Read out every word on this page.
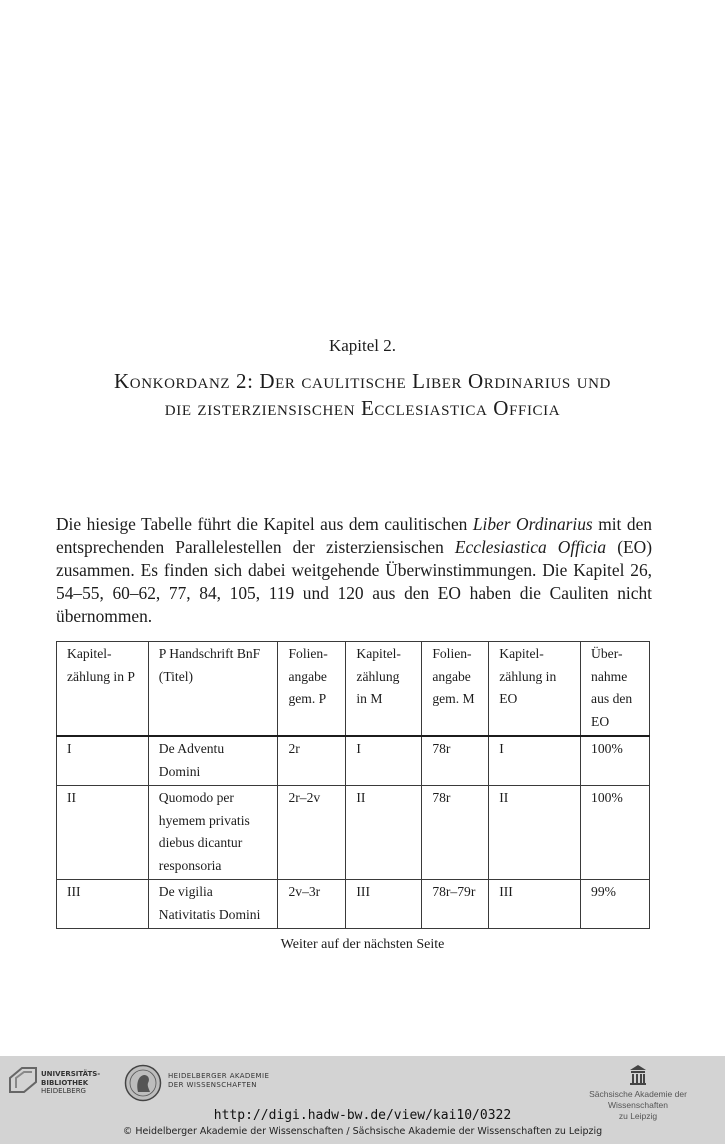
Kapitel 2.
Konkordanz 2: Der caulitische Liber Ordinarius und
die zisterziensischen Ecclesiastica Officia

Die hiesige Tabelle führt die Kapitel aus dem caulitischen Liber Ordinarius mit den entsprechenden Parallelestellen der zisterziensischen Ecclesiastica Officia (EO) zusammen. Es finden sich dabei weitgehende Überwinstimmungen. Die Kapitel 26, 54–55, 60–62, 77, 84, 105, 119 und 120 aus den EO haben die Cauliten nicht übernommen.

Kapitel-zählung in P	P Handschrift BnF (Titel)	Folien-angabe gem. P	Kapitel-zählung in M	Folien-angabe gem. M	Kapitel-zählung in EO	Über-nahme aus den EO
I	De Adventu Domini	2r	I	78r	I	100%
II	Quomodo per hyemem privatis diebus dicantur responsoria	2r–2v	II	78r	II	100%
III	De vigilia Nativitatis Domini	2v–3r	III	78r–79r	III	99%
Weiter auf der nächsten Seite
UNIVERSITÄTS-
BIBLIOTHEK
HEIDELBERG
HEIDELBERGER AKADEMIE
DER WISSENSCHAFTEN
Sächsische Akademie der Wissenschaften
zu Leipzig
http://digi.hadw-bw.de/view/kai10/0322
© Heidelberger Akademie der Wissenschaften / Sächsische Akademie der Wissenschaften zu Leipzig
